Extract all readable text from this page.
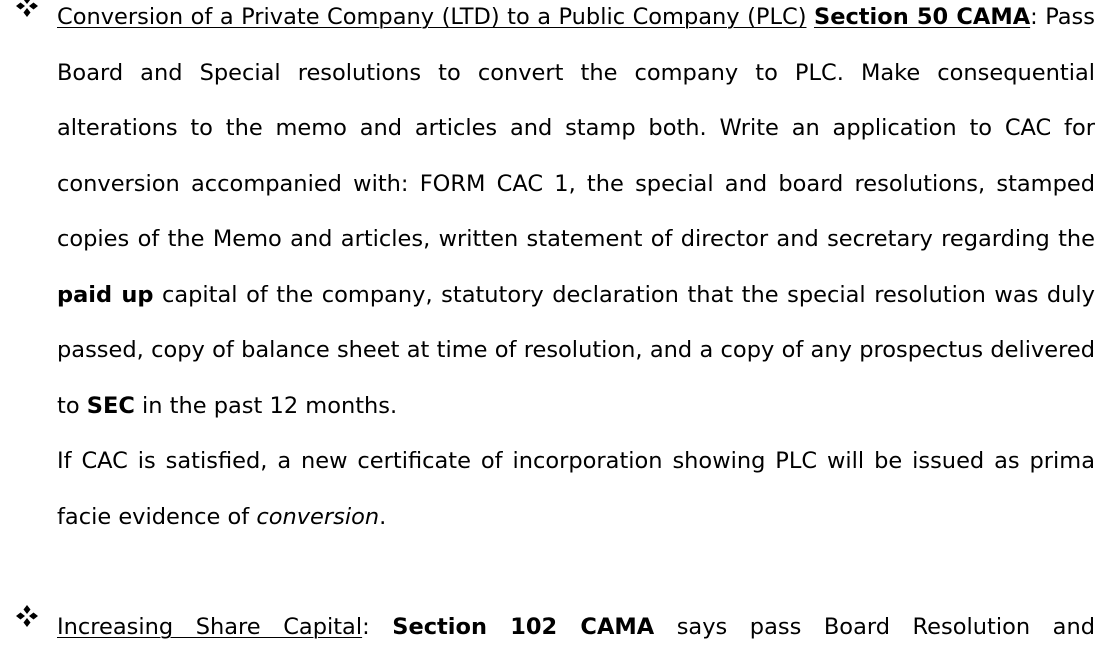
Conversion of a Private Company (LTD) to a Public Company (PLC) Section 50 CAMA: Pass Board and Special resolutions to convert the company to PLC. Make consequential alterations to the memo and articles and stamp both. Write an application to CAC for conversion accompanied with: FORM CAC 1, the special and board resolutions, stamped copies of the Memo and articles, written statement of director and secretary regarding the paid up capital of the company, statutory declaration that the special resolution was duly passed, copy of balance sheet at time of resolution, and a copy of any prospectus delivered to SEC in the past 12 months.

If CAC is satisfied, a new certificate of incorporation showing PLC will be issued as prima facie evidence of conversion.

Increasing Share Capital: Section 102 CAMA says pass Board Resolution and
